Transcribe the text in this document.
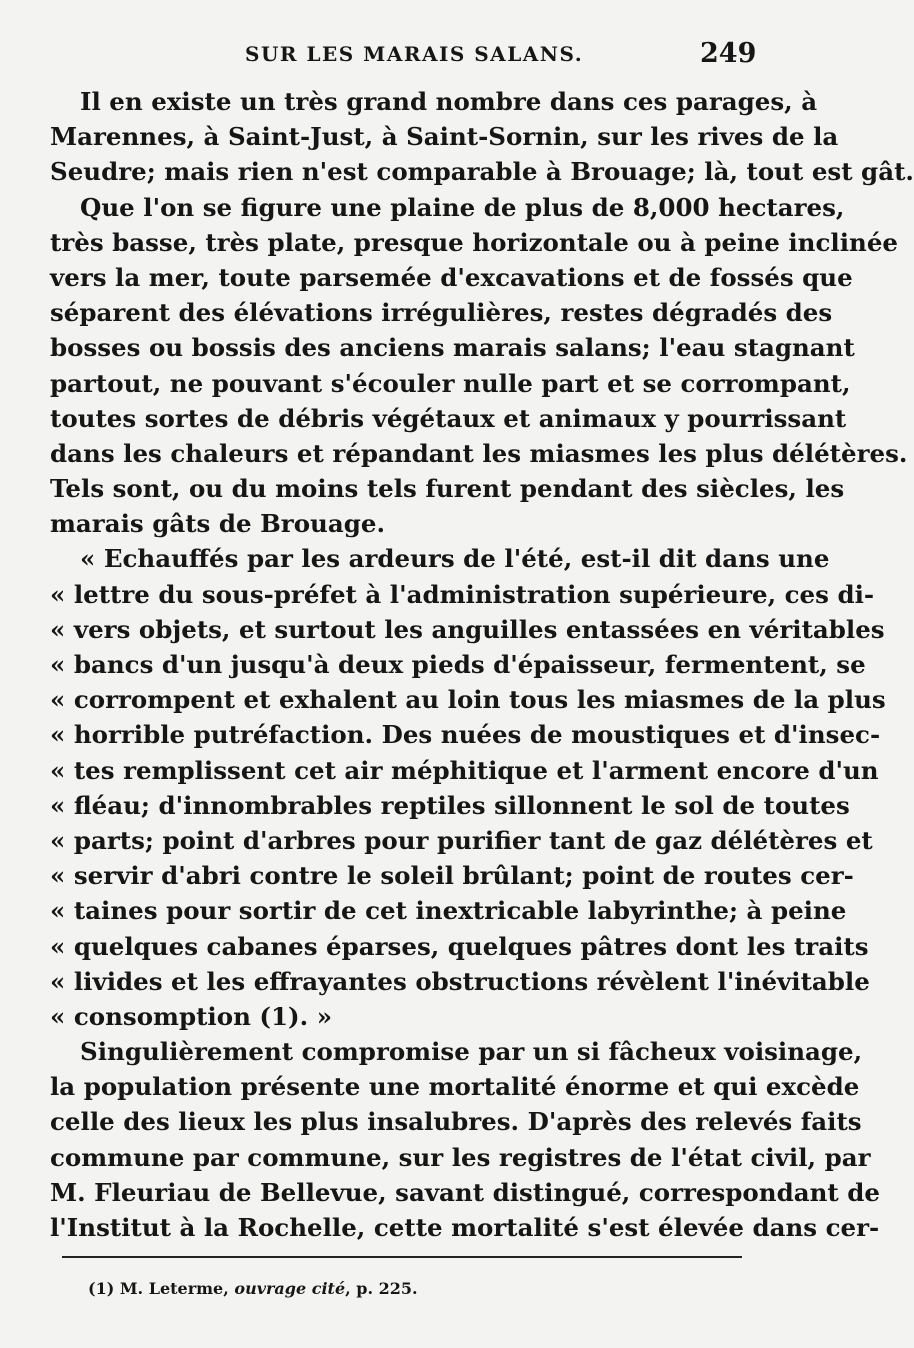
SUR LES MARAIS SALANS.	249
Il en existe un très grand nombre dans ces parages, à
Marennes, à Saint-Just, à Saint-Sornin, sur les rives de la
Seudre; mais rien n'est comparable à Brouage; là, tout est gât.
Que l'on se figure une plaine de plus de 8,000 hectares,
très basse, très plate, presque horizontale ou à peine inclinée
vers la mer, toute parsemée d'excavations et de fossés que
séparent des élévations irrégulières, restes dégradés des
bosses ou bossis des anciens marais salans; l'eau stagnant
partout, ne pouvant s'écouler nulle part et se corrompant,
toutes sortes de débris végétaux et animaux y pourrissant
dans les chaleurs et répandant les miasmes les plus délétères.
Tels sont, ou du moins tels furent pendant des siècles, les
marais gâts de Brouage.
« Echauffés par les ardeurs de l'été, est-il dit dans une
« lettre du sous-préfet à l'administration supérieure, ces di-
« vers objets, et surtout les anguilles entassées en véritables
« bancs d'un jusqu'à deux pieds d'épaisseur, fermentent, se
« corrompent et exhalent au loin tous les miasmes de la plus
« horrible putréfaction. Des nuées de moustiques et d'insec-
« tes remplissent cet air méphitique et l'arment encore d'un
« fléau; d'innombrables reptiles sillonnent le sol de toutes
« parts; point d'arbres pour purifier tant de gaz délétères et
« servir d'abri contre le soleil brûlant; point de routes cer-
« taines pour sortir de cet inextricable labyrinthe; à peine
« quelques cabanes éparses, quelques pâtres dont les traits
« livides et les effrayantes obstructions révèlent l'inévitable
« consomption (1). »
Singulièrement compromise par un si fâcheux voisinage,
la population présente une mortalité énorme et qui excède
celle des lieux les plus insalubres. D'après des relevés faits
commune par commune, sur les registres de l'état civil, par
M. Fleuriau de Bellevue, savant distingué, correspondant de
l'Institut à la Rochelle, cette mortalité s'est élevée dans cer-
(1) M. Leterme, ouvrage cité, p. 225.
